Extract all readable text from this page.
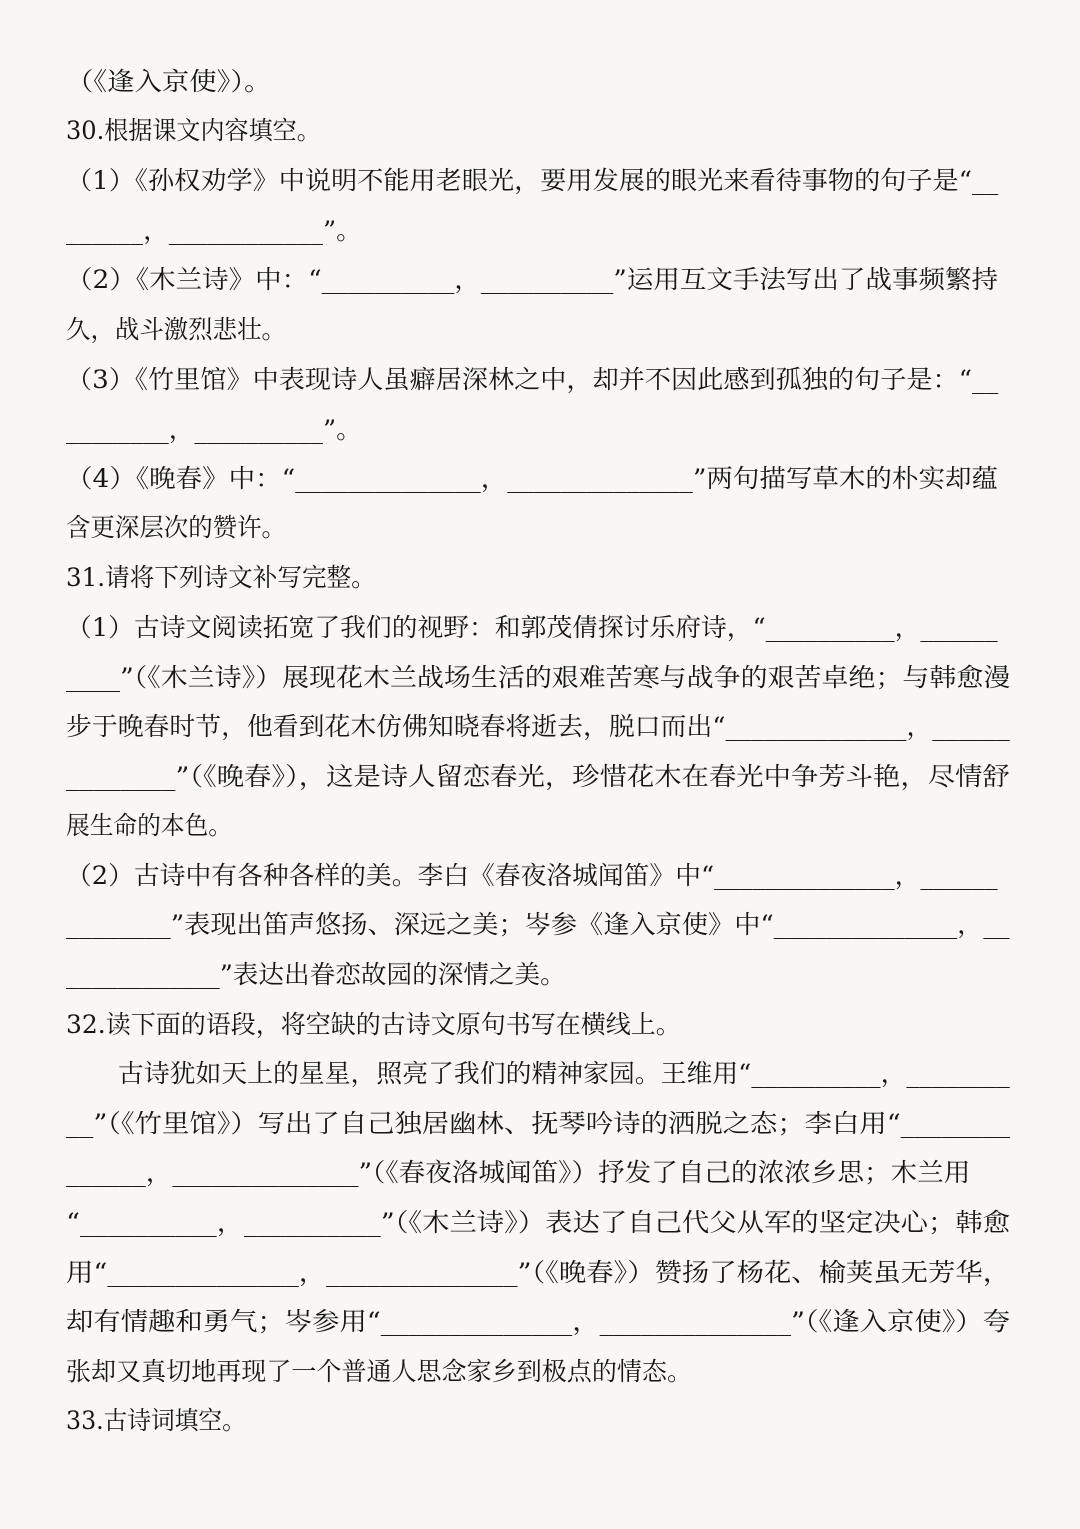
（《逢入京使》）。
30.根据课文内容填空。
（1）《孙权劝学》中说明不能用老眼光，要用发展的眼光来看待事物的句子是“__
______，____________”。
（2）《木兰诗》中：“__________，__________”运用互文手法写出了战事频繁持
久，战斗激烈悲壮。
（3）《竹里馆》中表现诗人虽癖居深林之中，却并不因此感到孤独的句子是：“__
________，__________”。
（4）《晚春》中：“______________，______________”两句描写草木的朴实却蕴
含更深层次的赞许。
31.请将下列诗文补写完整。
（1）古诗文阅读拓宽了我们的视野：和郭茂倩探讨乐府诗，“__________，______
____”（《木兰诗》）展现花木兰战场生活的艰难苦寒与战争的艰苦卓绝；与韩愈漫
步于晚春时节，他看到花木仿佛知晓春将逝去，脱口而出“______________，______
________”（《晚春》），这是诗人留恋春光，珍惜花木在春光中争芳斗艳，尽情舒
展生命的本色。
（2）古诗中有各种各样的美。李白《春夜洛城闻笛》中“______________，______
________”表现出笛声悠扬、深远之美；岑参《逢入京使》中“______________，__
____________”表达出眷恋故园的深情之美。
32.读下面的语段，将空缺的古诗文原句书写在横线上。
古诗犹如天上的星星，照亮了我们的精神家园。王维用“__________，________
__”（《竹里馆》）写出了自己独居幽林、抚琴吟诗的洒脱之态；李白用“________
______，______________”（《春夜洛城闻笛》）抒发了自己的浓浓乡思；木兰用
“__________，__________”（《木兰诗》）表达了自己代父从军的坚定决心；韩愈
用“______________，______________”（《晚春》）赞扬了杨花、榆荚虽无芳华，
却有情趣和勇气；岑参用“______________，______________”（《逢入京使》）夸
张却又真切地再现了一个普通人思念家乡到极点的情态。
33.古诗词填空。
